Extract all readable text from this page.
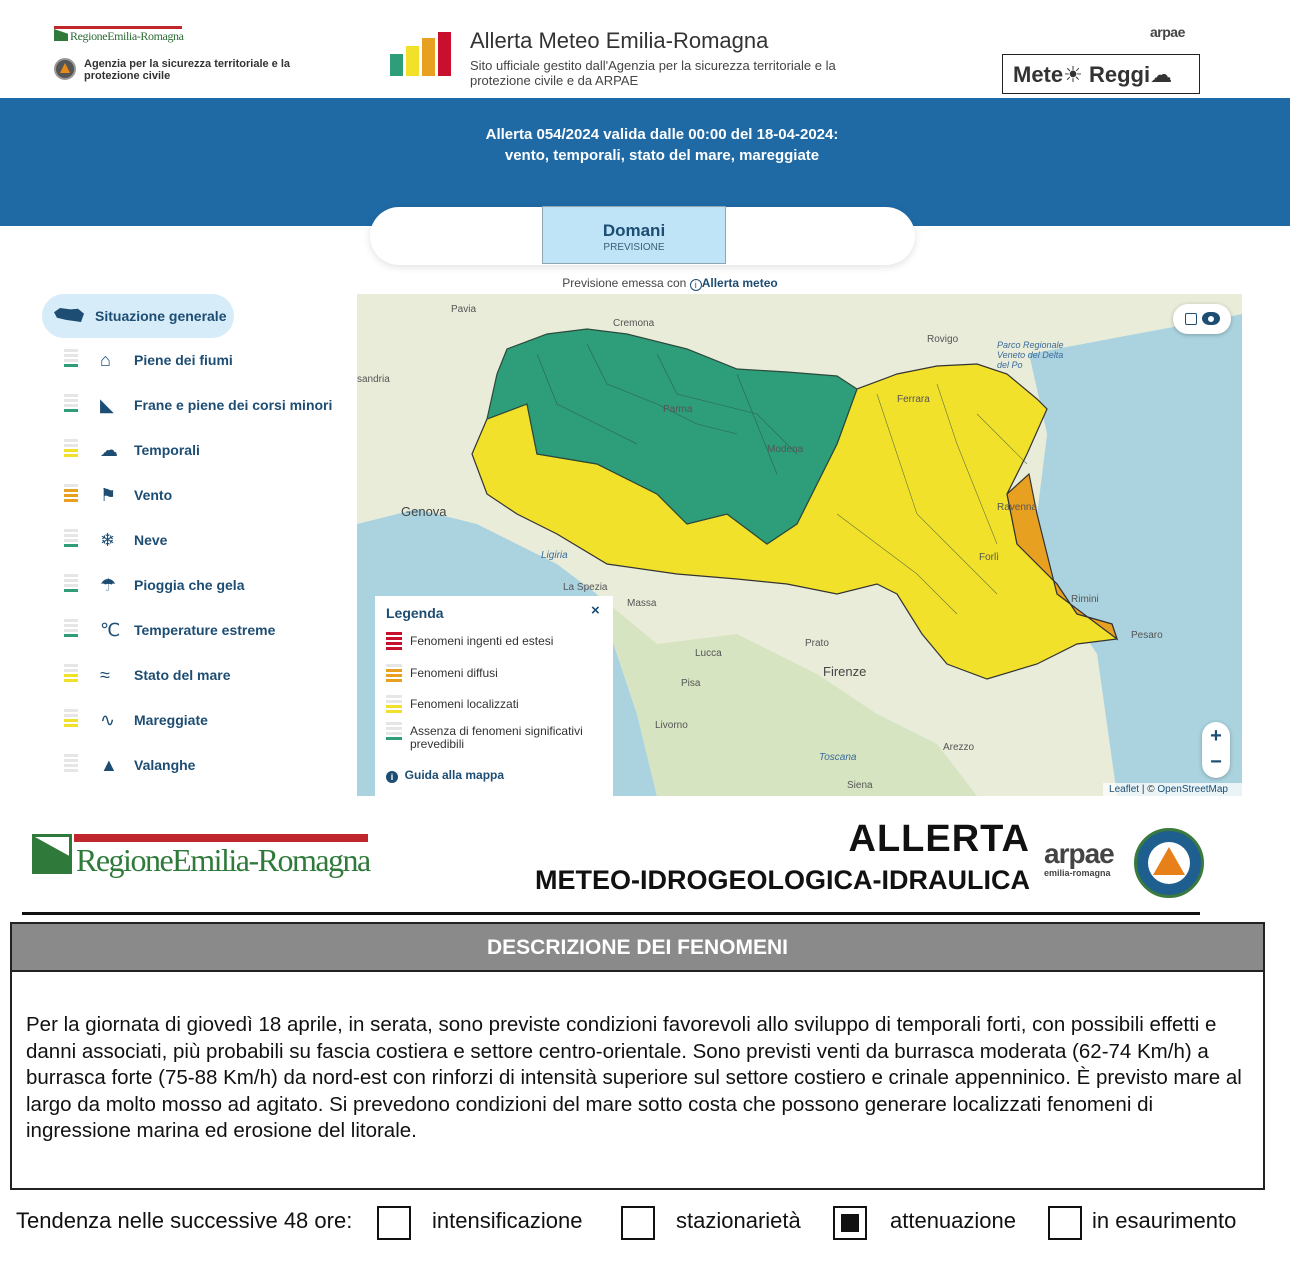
RegioneEmilia-Romagna
Agenzia per la sicurezza territoriale e la protezione civile
Allerta Meteo Emilia-Romagna
Sito ufficiale gestito dall'Agenzia per la sicurezza territoriale e la protezione civile e da ARPAE
arpae
Mete☀ Reggi☁
Allerta 054/2024 valida dalle 00:00 del 18-04-2024: vento, temporali, stato del mare, mareggiate
Domani
PREVISIONE
Previsione emessa con i Allerta meteo
Situazione generale
⌂	Piene dei fiumi
◣	Frane e piene dei corsi minori
☁ Temporali
⚑	Vento
❄	Neve
☂	Pioggia che gela
℃ Temperature estreme
≈	Stato del mare
∿	Mareggiate
▲ Valanghe
Pavia
Cremona
Rovigo	Parco Regionale Veneto del Delta del Po
sandria
Parma
Ferrara
Modena
Genova	Ravenna
Ligiria	Forlì
La Spezia
Massa	Rimini
Pesaro
Prato
Lucca
Firenze
Pisa
Livorno
Arezzo
Toscana
Siena
+
−
Leaflet | © OpenStreetMap
Legenda	×
Fenomeni ingenti ed estesi
Fenomeni diffusi
Fenomeni localizzati
Assenza di fenomeni significativi prevedibili
i Guida alla mappa
RegioneEmilia-Romagna	ALLERTA
METEO-IDROGEOLOGICA-IDRAULICA
arpae
emilia-romagna
DESCRIZIONE DEI FENOMENI
Per la giornata di giovedì 18 aprile, in serata, sono previste condizioni favorevoli allo sviluppo di temporali forti, con possibili effetti e danni associati, più probabili su fascia costiera e settore centro-orientale. Sono previsti venti da burrasca moderata (62-74 Km/h) a burrasca forte (75-88 Km/h) da nord-est con rinforzi di intensità superiore sul settore costiero e crinale appenninico. È previsto mare al largo da molto mosso ad agitato. Si prevedono condizioni del mare sotto costa che possono generare localizzati fenomeni di ingressione marina ed erosione del litorale.
Tendenza nelle successive 48 ore:	intensificazione	stazionarietà	attenuazione	in esaurimento
